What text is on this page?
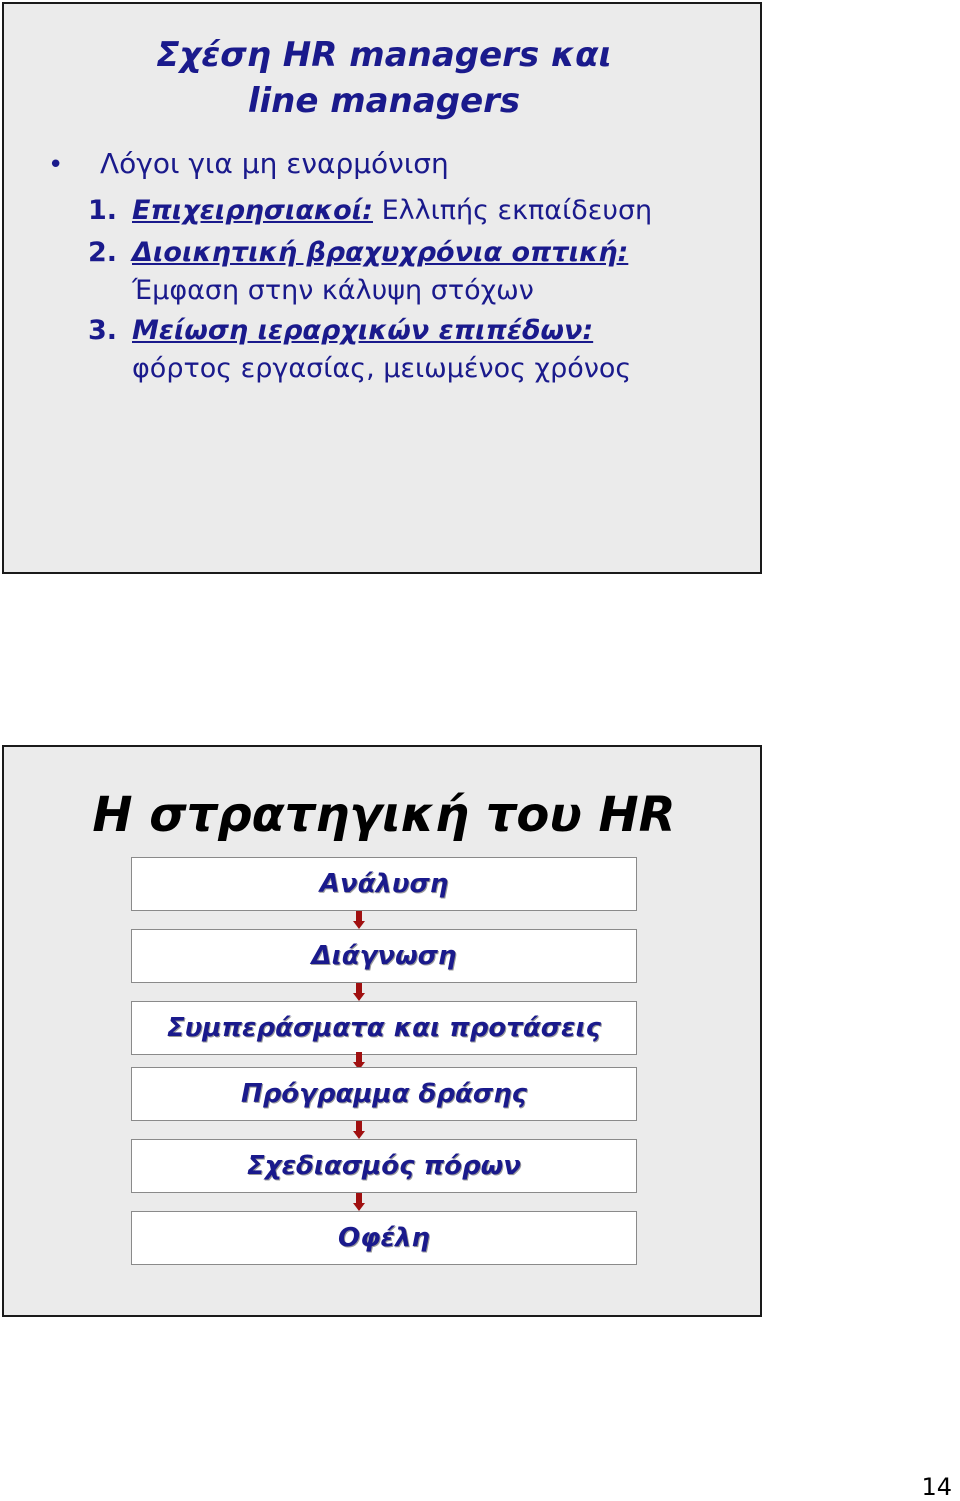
Σχέση HR managers και
line managers
• Λόγοι για μη εναρμόνιση
1. Επιχειρησιακοί: Ελλιπής εκπαίδευση
2. Διοικητική βραχυχρόνια οπτική:
Έμφαση στην κάλυψη στόχων
3. Μείωση ιεραρχικών επιπέδων:
φόρτος εργασίας, μειωμένος χρόνος
Η στρατηγική του HR
Ανάλυση
Διάγνωση
Συμπεράσματα και προτάσεις
Πρόγραμμα δράσης
Σχεδιασμός πόρων
Οφέλη
14
